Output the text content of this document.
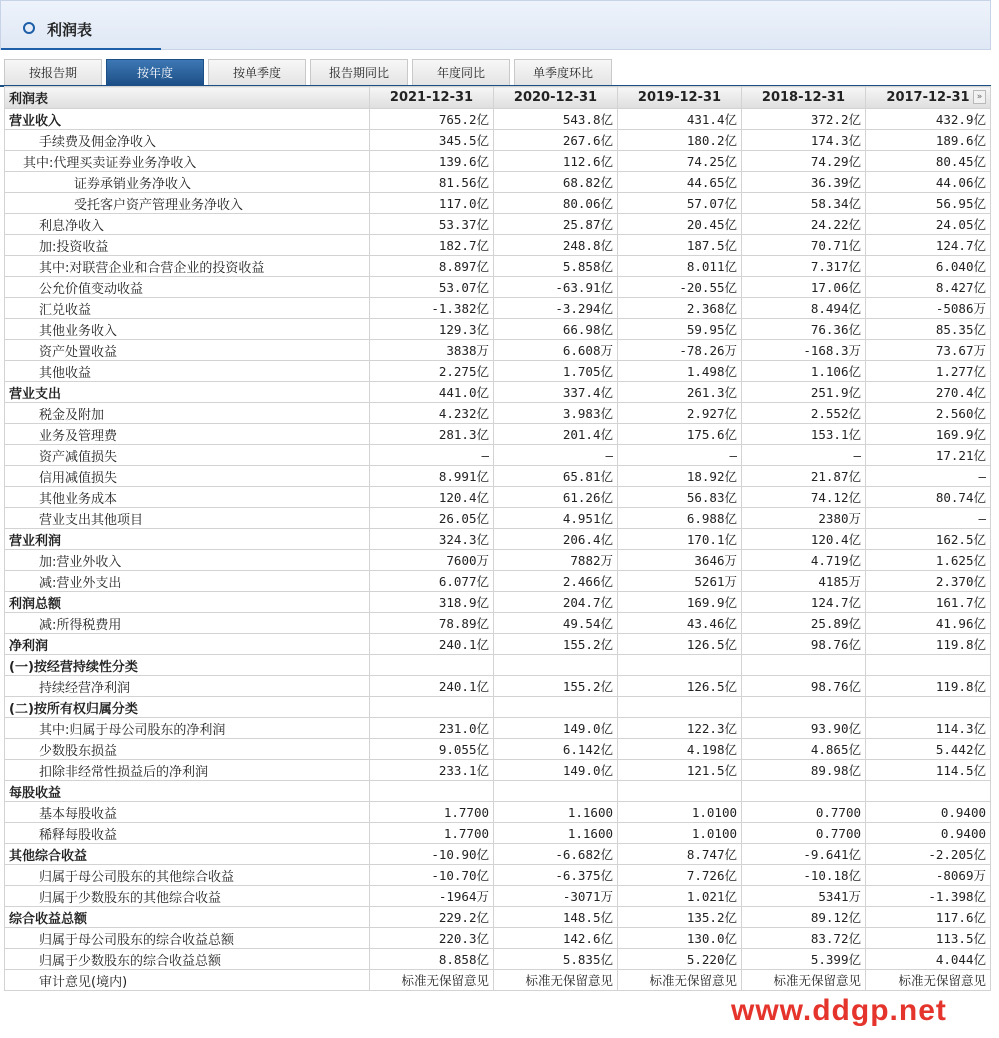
利润表
按报告期	按年度	按单季度	报告期同比	年度同比	单季度环比
利润表	2021-12-31	2020-12-31	2019-12-31	2018-12-31	2017-12-31
营业收入	765.2亿	543.8亿	431.4亿	372.2亿	432.9亿
手续费及佣金净收入	345.5亿	267.6亿	180.2亿	174.3亿	189.6亿
其中:代理买卖证券业务净收入	139.6亿	112.6亿	74.25亿	74.29亿	80.45亿
证券承销业务净收入	81.56亿	68.82亿	44.65亿	36.39亿	44.06亿
受托客户资产管理业务净收入	117.0亿	80.06亿	57.07亿	58.34亿	56.95亿
利息净收入	53.37亿	25.87亿	20.45亿	24.22亿	24.05亿
加:投资收益	182.7亿	248.8亿	187.5亿	70.71亿	124.7亿
其中:对联营企业和合营企业的投资收益	8.897亿	5.858亿	8.011亿	7.317亿	6.040亿
公允价值变动收益	53.07亿	-63.91亿	-20.55亿	17.06亿	8.427亿
汇兑收益	-1.382亿	-3.294亿	2.368亿	8.494亿	-5086万
其他业务收入	129.3亿	66.98亿	59.95亿	76.36亿	85.35亿
资产处置收益	3838万	6.608万	-78.26万	-168.3万	73.67万
其他收益	2.275亿	1.705亿	1.498亿	1.106亿	1.277亿
营业支出	441.0亿	337.4亿	261.3亿	251.9亿	270.4亿
税金及附加	4.232亿	3.983亿	2.927亿	2.552亿	2.560亿
业务及管理费	281.3亿	201.4亿	175.6亿	153.1亿	169.9亿
资产减值损失	—	—	—	—	17.21亿
信用减值损失	8.991亿	65.81亿	18.92亿	21.87亿	—
其他业务成本	120.4亿	61.26亿	56.83亿	74.12亿	80.74亿
营业支出其他项目	26.05亿	4.951亿	6.988亿	2380万	—
营业利润	324.3亿	206.4亿	170.1亿	120.4亿	162.5亿
加:营业外收入	7600万	7882万	3646万	4.719亿	1.625亿
减:营业外支出	6.077亿	2.466亿	5261万	4185万	2.370亿
利润总额	318.9亿	204.7亿	169.9亿	124.7亿	161.7亿
减:所得税费用	78.89亿	49.54亿	43.46亿	25.89亿	41.96亿
净利润	240.1亿	155.2亿	126.5亿	98.76亿	119.8亿
(一)按经营持续性分类					
持续经营净利润	240.1亿	155.2亿	126.5亿	98.76亿	119.8亿
(二)按所有权归属分类					
其中:归属于母公司股东的净利润	231.0亿	149.0亿	122.3亿	93.90亿	114.3亿
少数股东损益	9.055亿	6.142亿	4.198亿	4.865亿	5.442亿
扣除非经常性损益后的净利润	233.1亿	149.0亿	121.5亿	89.98亿	114.5亿
每股收益					
基本每股收益	1.7700	1.1600	1.0100	0.7700	0.9400
稀释每股收益	1.7700	1.1600	1.0100	0.7700	0.9400
其他综合收益	-10.90亿	-6.682亿	8.747亿	-9.641亿	-2.205亿
归属于母公司股东的其他综合收益	-10.70亿	-6.375亿	7.726亿	-10.18亿	-8069万
归属于少数股东的其他综合收益	-1964万	-3071万	1.021亿	5341万	-1.398亿
综合收益总额	229.2亿	148.5亿	135.2亿	89.12亿	117.6亿
归属于母公司股东的综合收益总额	220.3亿	142.6亿	130.0亿	83.72亿	113.5亿
归属于少数股东的综合收益总额	8.858亿	5.835亿	5.220亿	5.399亿	4.044亿
审计意见(境内)	标准无保留意见	标准无保留意见	标准无保留意见	标准无保留意见	标准无保留意见
»
www.ddgp.net
